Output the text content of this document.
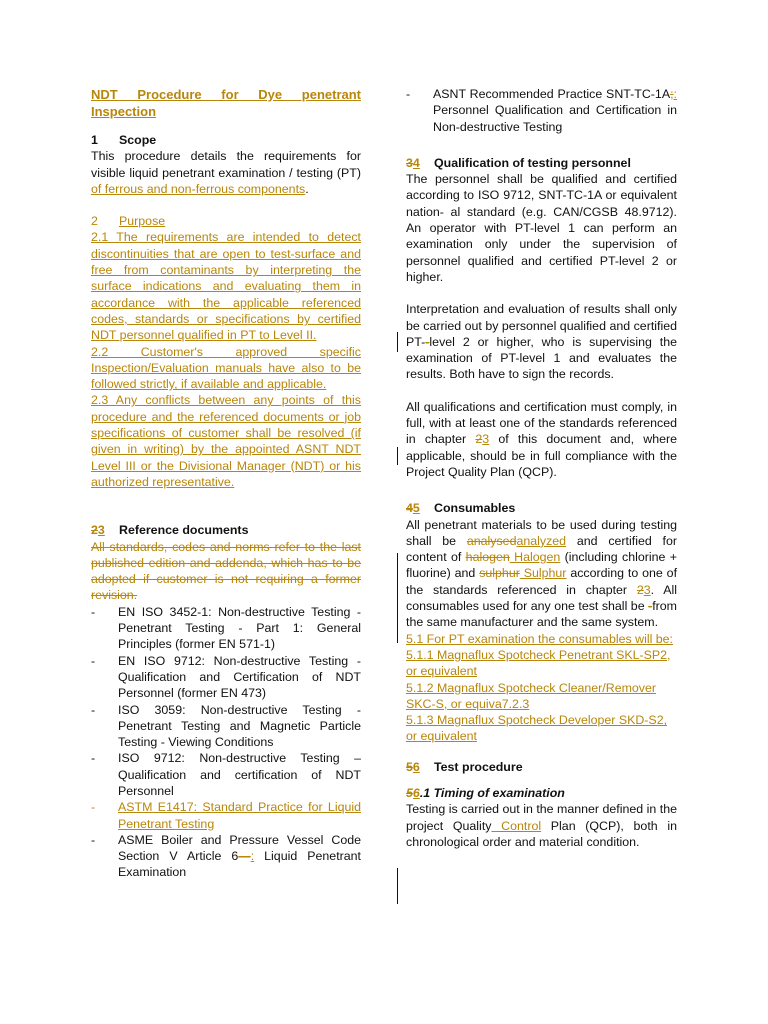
NDT Procedure for Dye penetrant Inspection
1 Scope
This procedure details the requirements for visible liquid penetrant examination / testing (PT) of ferrous and non-ferrous components.
2 Purpose
2.1 The requirements are intended to detect discontinuities that are open to test-surface and free from contaminants by interpreting the surface indications and evaluating them in accordance with the applicable referenced codes, standards or specifications by certified NDT personnel qualified in PT to Level II.
2.2 Customer's approved specific Inspection/Evaluation manuals have also to be followed strictly, if available and applicable.
2.3 Any conflicts between any points of this procedure and the referenced documents or job specifications of customer shall be resolved (if given in writing) by the appointed ASNT NDT Level III or the Divisional Manager (NDT) or his authorized representative.
23 Reference documents
All standards, codes and norms refer to the last published edition and addenda, which has to be adopted if customer is not requiring a former revision.
- EN ISO 3452-1: Non-destructive Testing - Penetrant Testing - Part 1: General Principles (former EN 571-1)
- EN ISO 9712: Non-destructive Testing - Qualification and Certification of NDT Personnel (former EN 473)
- ISO 3059: Non-destructive Testing - Penetrant Testing and Magnetic Particle Testing - Viewing Conditions
- ISO 9712: Non-destructive Testing – Qualification and certification of NDT Personnel
- ASTM E1417: Standard Practice for Liquid Penetrant Testing
- ASME Boiler and Pressure Vessel Code Section V Article 6—: Liquid Penetrant Examination
- ASNT Recommended Practice SNT-TC-1A;: Personnel Qualification and Certification in Non-destructive Testing
34 Qualification of testing personnel
The personnel shall be qualified and certified according to ISO 9712, SNT-TC-1A or equivalent nation- al standard (e.g. CAN/CGSB 48.9712). An operator with PT-level 1 can perform an examination only under the supervision of personnel qualified and certified PT-level 2 or higher.
Interpretation and evaluation of results shall only be carried out by personnel qualified and certified PT--level 2 or higher, who is supervising the examination of PT-level 1 and evaluates the results. Both have to sign the records.
All qualifications and certification must comply, in full, with at least one of the standards referenced in chapter 23 of this document and, where applicable, should be in full compliance with the Project Quality Plan (QCP).
45 Consumables
All penetrant materials to be used during testing shall be analysedanalyzed and certified for content of halogen Halogen (including chlorine + fluorine) and sulphur Sulphur according to one of the standards referenced in chapter 23. All consumables used for any one test shall be -from the same manufacturer and the same system.
5.1 For PT examination the consumables will be:
5.1.1 Magnaflux Spotcheck Penetrant SKL-SP2, or equivalent
5.1.2 Magnaflux Spotcheck Cleaner/Remover SKC-S, or equiva7.2.3
5.1.3 Magnaflux Spotcheck Developer SKD-S2, or equivalent
56 Test procedure
56.1 Timing of examination
Testing is carried out in the manner defined in the project Quality Control Plan (QCP), both in chronological order and material condition.
